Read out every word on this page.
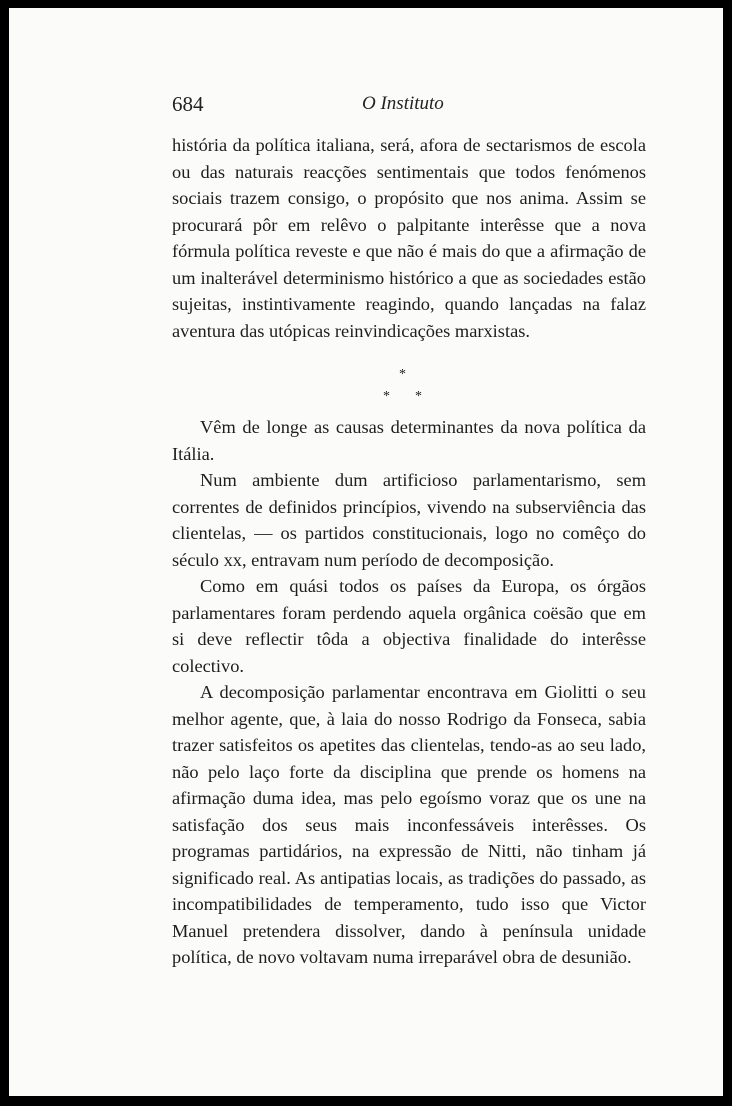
684	O Instituto

história da política italiana, será, afora de sectarismos de escola ou das naturais reacções sentimentais que todos fenómenos sociais trazem consigo, o propósito que nos anima. Assim se procurará pôr em relêvo o palpitante interêsse que a nova fórmula política reveste e que não é mais do que a afirmação de um inalterável determinismo histórico a que as sociedades estão sujeitas, instintivamente reagindo, quando lançadas na falaz aventura das utópicas reinvindicações marxistas.

*
* *

Vêm de longe as causas determinantes da nova política da Itália.

Num ambiente dum artificioso parlamentarismo, sem correntes de definidos princípios, vivendo na subserviência das clientelas, — os partidos constitucionais, logo no comêço do século xx, entravam num período de decomposição.

Como em quási todos os países da Europa, os órgãos parlamentares foram perdendo aquela orgânica coësão que em si deve reflectir tôda a objectiva finalidade do interêsse colectivo.

A decomposição parlamentar encontrava em Giolitti o seu melhor agente, que, à laia do nosso Rodrigo da Fonseca, sabia trazer satisfeitos os apetites das clientelas, tendo-as ao seu lado, não pelo laço forte da disciplina que prende os homens na afirmação duma idea, mas pelo egoísmo voraz que os une na satisfação dos seus mais inconfessáveis interêsses. Os programas partidários, na expressão de Nitti, não tinham já significado real. As antipatias locais, as tradições do passado, as incompatibilidades de temperamento, tudo isso que Victor Manuel pretendera dissolver, dando à península unidade política, de novo voltavam numa irreparável obra de desunião.
